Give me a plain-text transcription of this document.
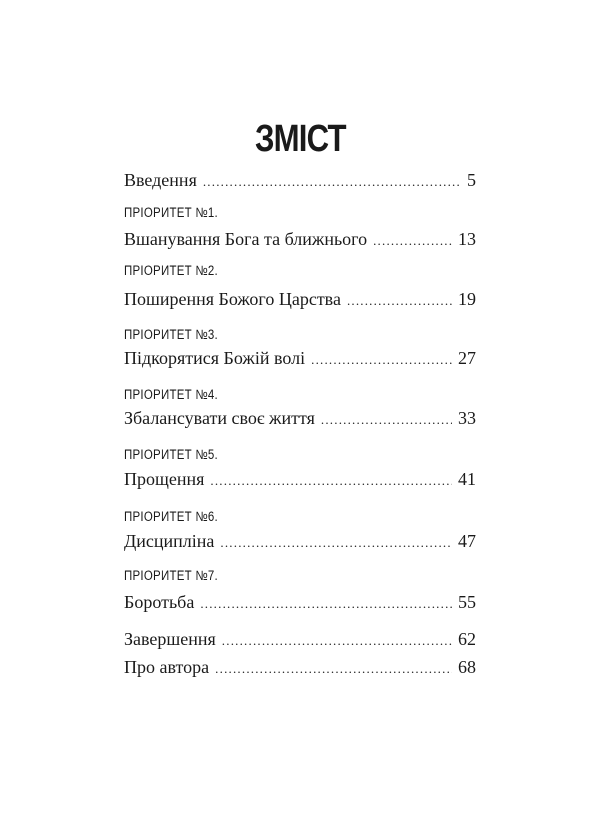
ЗМІСТ
Введення .....	5
ПРІОРИТЕТ №1.
Вшанування Бога та ближнього .....	13
ПРІОРИТЕТ №2.
Поширення Божого Царства .....	19
ПРІОРИТЕТ №3.
Підкорятися Божій волі .....	27
ПРІОРИТЕТ №4.
Збалансувати своє життя .....	33
ПРІОРИТЕТ №5.
Прощення .....	41
ПРІОРИТЕТ №6.
Дисципліна .....	47
ПРІОРИТЕТ №7.
Боротьба .....	55
Завершення .....	62
Про автора .....	68
